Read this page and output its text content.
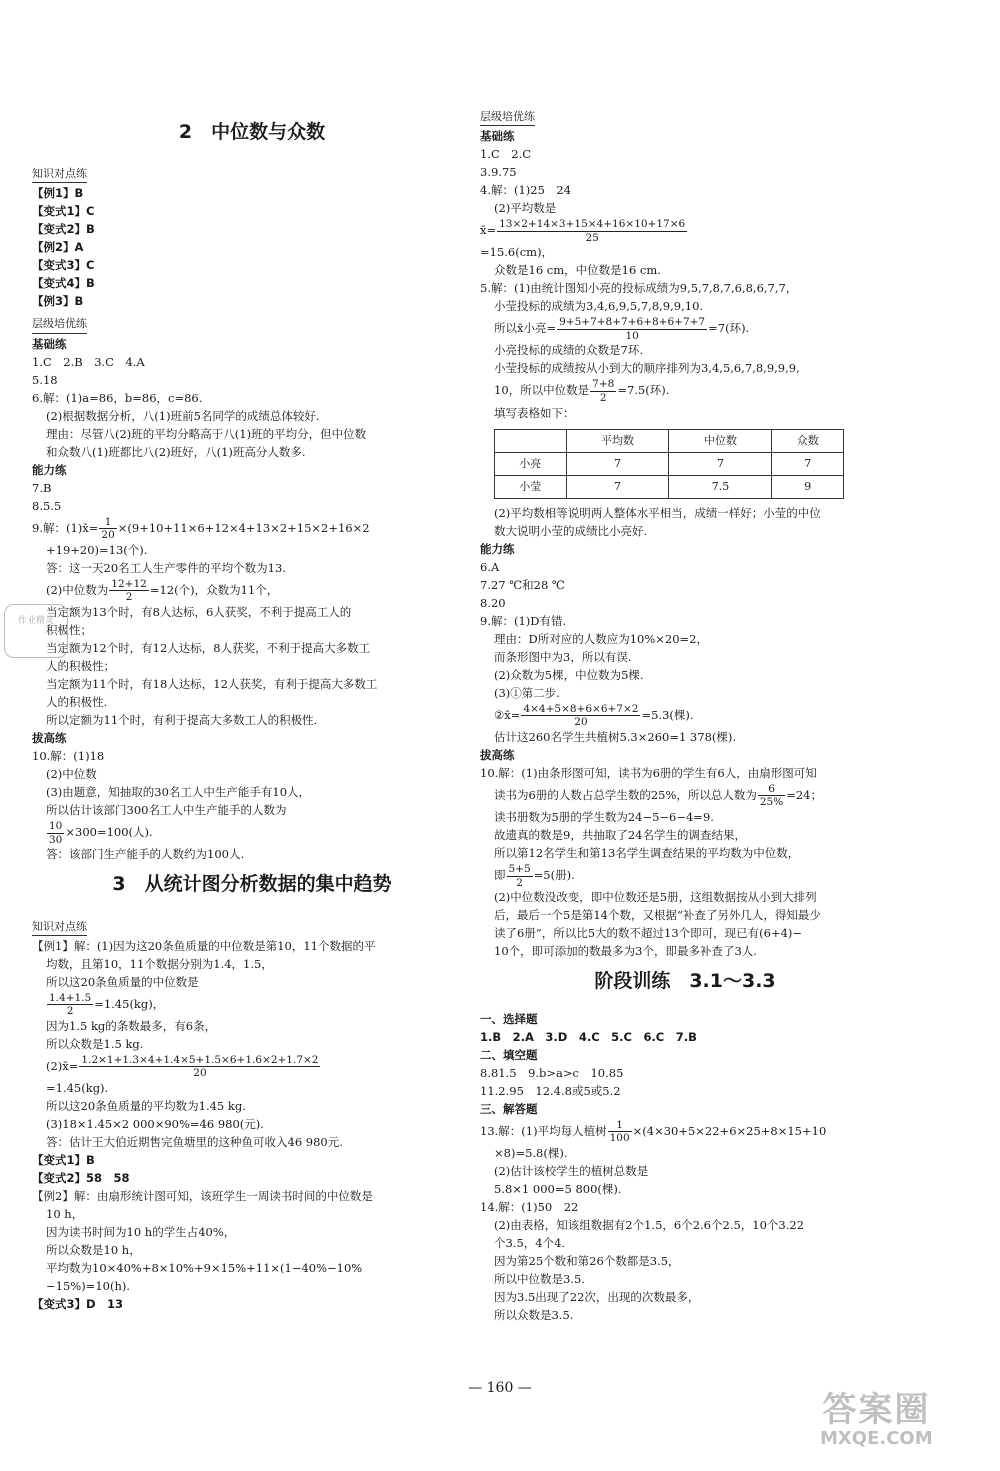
2　中位数与众数
知识对点练
【例1】B
【变式1】C
【变式2】B
【例2】A
【变式3】C
【变式4】B
【例3】B
层级培优练
基础练
1.C　2.B　3.C　4.A
5.18
6.解：(1)a=86，b=86，c=86.
(2)根据数据分析，八(1)班前5名同学的成绩总体较好.
理由：尽管八(2)班的平均分略高于八(1)班的平均分，但中位数
和众数八(1)班都比八(2)班好，八(1)班高分人数多.
能力练
7.B
8.5.5
9.解：(1)x̄= $\frac{1}{20} \times(9+10+11\times 6+12\times 4+13\times 2+15\times 2+16\times 2$
+19+20)=13(个).
答：这一天20名工人生产零件的平均个数为13.
(2)中位数为 $\frac{12+12}{2} =12$(个)，众数为11个，
当定额为13个时，有8人达标，6人获奖，不利于提高工人的
积极性；
当定额为12个时，有12人达标，8人获奖，不利于提高大多数工
人的积极性；
当定额为11个时，有18人达标，12人获奖，有利于提高大多数工
人的积极性.
所以定额为11个时，有利于提高大多数工人的积极性.
拔高练
10.解：(1)18
(2)中位数
(3)由题意，知抽取的30名工人中生产能手有10人，
所以估计该部门300名工人中生产能手的人数为
$\frac{10}{30} \times 300=100$(人).
答：该部门生产能手的人数约为100人.
3　从统计图分析数据的集中趋势
知识对点练
【例1】解：(1)因为这20条鱼质量的中位数是第10，11个数据的平
均数，且第10，11个数据分别为1.4，1.5，
所以这20条鱼质量的中位数是
$\frac{1.4+1.5}{2} =1.45(kg)$，
因为1.5 kg的条数最多，有6条，
所以众数是1.5 kg.
(2)x̄= $\frac{1.2\times 1+1.3\times 4+1.4\times 5+1.5\times 6+1.6\times 2+1.7\times 2}{20}$
=1.45(kg).
所以这20条鱼质量的平均数为1.45 kg.
(3)18×1.45×2 000×90%=46 980(元).
答：估计王大伯近期售完鱼塘里的这种鱼可收入46 980元.
【变式1】B
【变式2】58　58
【例2】解：由扇形统计图可知，该班学生一周读书时间的中位数是
10 h，
因为读书时间为10 h的学生占40%，
所以众数是10 h，
平均数为10×40%+8×10%+9×15%+11×(1−40%−10%
−15%)=10(h).
【变式3】D　13
层级培优练
基础练
1.C　2.C
3.9.75
4.解：(1)25　24
(2)平均数是
x̄= $\frac{13\times 2+14\times 3+15\times 4+16\times 10+17\times 6}{25}$
=15.6(cm)，
众数是16 cm，中位数是16 cm.
5.解：(1)由统计图知小亮的投标成绩为9,5,7,8,7,6,8,6,7,7，
小莹投标的成绩为3,4,6,9,5,7,8,9,9,10.
所以x̄小亮= $\frac{9+5+7+8+7+6+8+6+7+7}{10} =7$(环).
小亮投标的成绩的众数是7环.
小莹投标的成绩按从小到大的顺序排列为3,4,5,6,7,8,9,9,9,
10，所以中位数是 $\frac{7+8}{2} =7.5$(环).
填写表格如下：
	平均数	中位数	众数
小亮	7	7	7
小莹	7	7.5	9
(2)平均数相等说明两人整体水平相当，成绩一样好；小莹的中位
数大说明小莹的成绩比小亮好.
能力练
6.A
7.27 ℃和28 ℃
8.20
9.解：(1)D有错.
理由：D所对应的人数应为10%×20=2，
而条形图中为3，所以有误.
(2)众数为5棵，中位数为5棵.
(3)①第二步.
②x̄= $\frac{4\times 4+5\times 8+6\times 6+7\times 2}{20} =5.3$(棵).
估计这260名学生共植树5.3×260=1 378(棵).
拔高练
10.解：(1)由条形图可知，读书为6册的学生有6人，由扇形图可知
读书为6册的人数占总学生数的25%，所以总人数为 $\frac{6}{25\%} =24$；
读书册数为5册的学生数为24−5−6−4=9.
故遗真的数是9，共抽取了24名学生的调查结果，
所以第12名学生和第13名学生调查结果的平均数为中位数，
即 $\frac{5+5}{2} =5$(册).
(2)中位数没改变，即中位数还是5册，这组数据按从小到大排列
后，最后一个5是第14个数，又根据“补查了另外几人，得知最少
读了6册”，所以比5大的数不超过13个即可，现已有(6+4)−
10个，即可添加的数最多为3个，即最多补查了3人.
阶段训练　3.1～3.3
一、选择题
1.B　2.A　3.D　4.C　5.C　6.C　7.B
二、填空题
8.81.5　9.b>a>c　10.85
11.2.95　12.4.8或5或5.2
三、解答题
13.解：(1)平均每人植树 $\frac{1}{100} \times(4\times 30+5\times 22+6\times 25+8\times 15+10$
×8)=5.8(棵).
(2)估计该校学生的植树总数是
5.8×1 000=5 800(棵).
14.解：(1)50　22
(2)由表格，知该组数据有2个1.5，6个2.6个2.5，10个3.22
个3.5，4个4.
因为第25个数和第26个数都是3.5，
所以中位数是3.5.
因为3.5出现了22次，出现的次数最多，
所以众数是3.5.

作业精灵
— 160 —
答案圈
MXQE.COM
